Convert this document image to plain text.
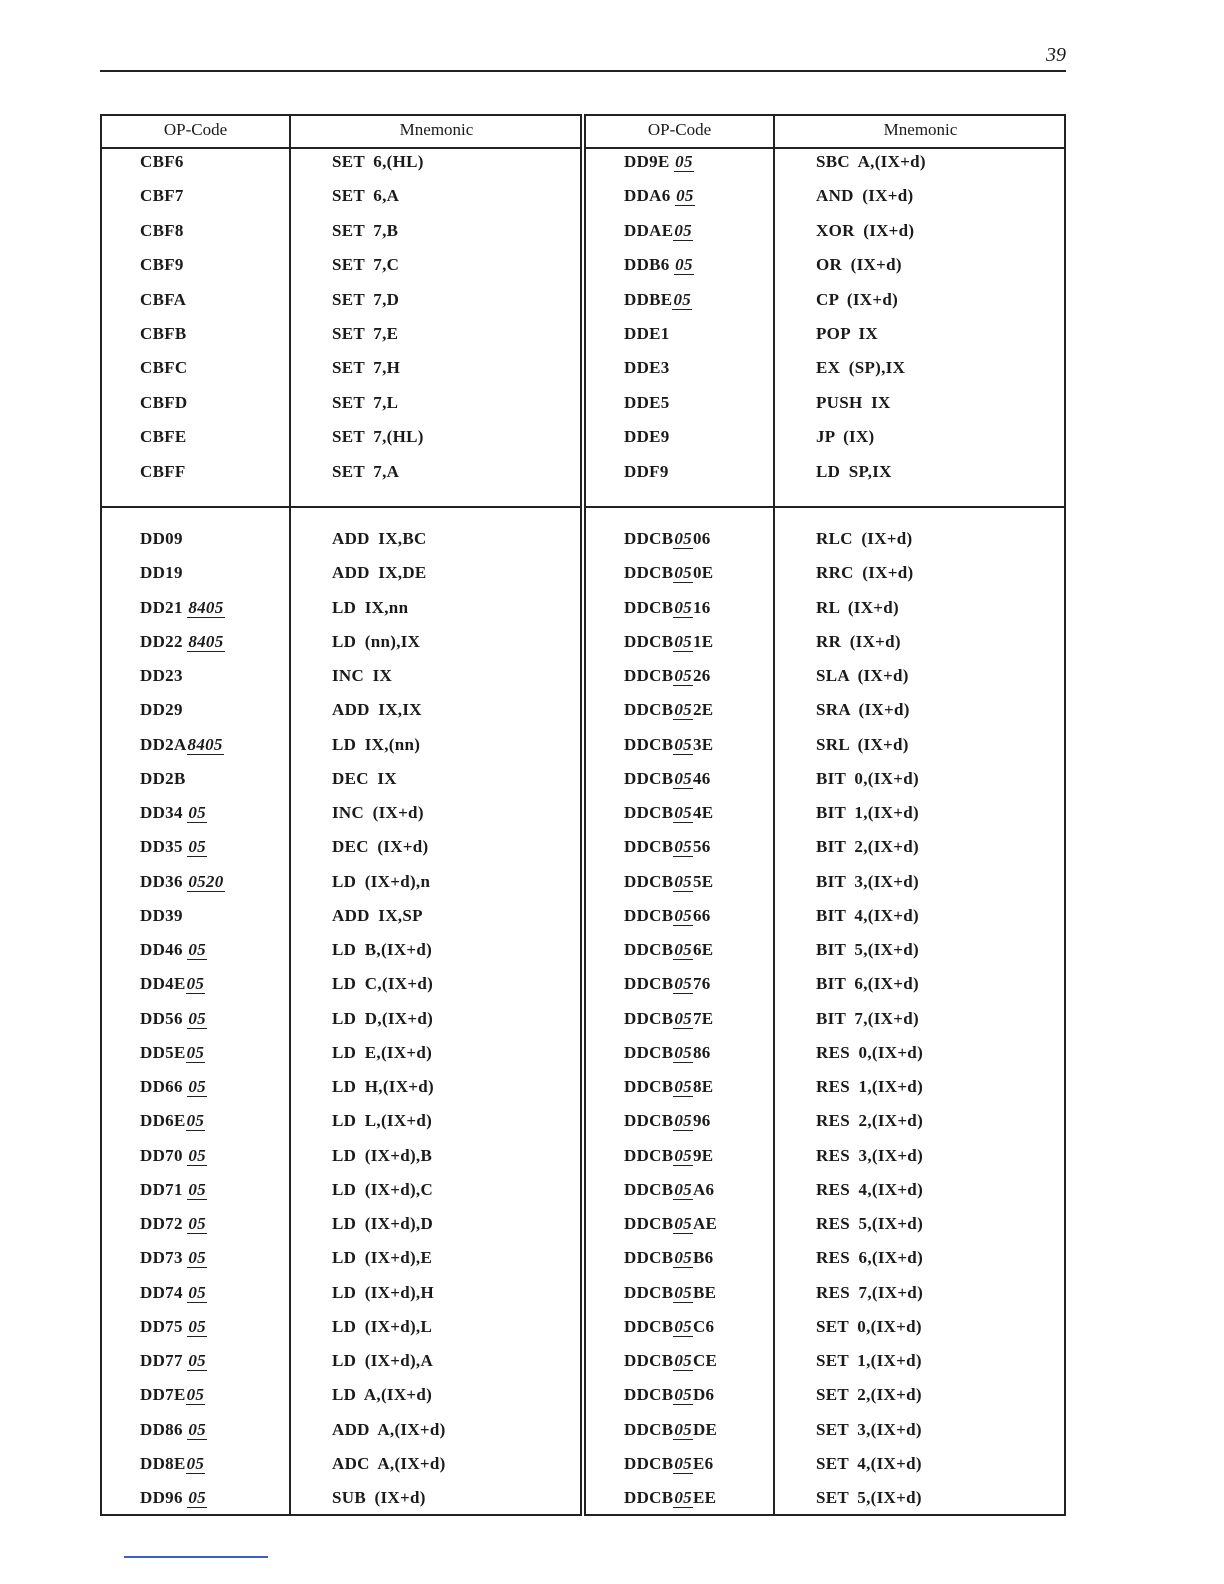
39
OP-Code	Mnemonic
CBF6	SET 6,(HL)
CBF7	SET 6,A
CBF8	SET 7,B
CBF9	SET 7,C
CBFA	SET 7,D
CBFB	SET 7,E
CBFC	SET 7,H
CBFD	SET 7,L
CBFE	SET 7,(HL)
CBFF	SET 7,A
DD09	ADD IX,BC
DD19	ADD IX,DE
DD21 8405	LD IX,nn
DD22 8405	LD (nn),IX
DD23	INC IX
DD29	ADD IX,IX
DD2A8405	LD IX,(nn)
DD2B	DEC IX
DD34 05	INC (IX+d)
DD35 05	DEC (IX+d)
DD36 0520	LD (IX+d),n
DD39	ADD IX,SP
DD46 05	LD B,(IX+d)
DD4E05	LD C,(IX+d)
DD56 05	LD D,(IX+d)
DD5E05	LD E,(IX+d)
DD66 05	LD H,(IX+d)
DD6E05	LD L,(IX+d)
DD70 05	LD (IX+d),B
DD71 05	LD (IX+d),C
DD72 05	LD (IX+d),D
DD73 05	LD (IX+d),E
DD74 05	LD (IX+d),H
DD75 05	LD (IX+d),L
DD77 05	LD (IX+d),A
DD7E05	LD A,(IX+d)
DD86 05	ADD A,(IX+d)
DD8E05	ADC A,(IX+d)
DD96 05	SUB (IX+d)
OP-Code	Mnemonic
DD9E 05	SBC A,(IX+d)
DDA6 05	AND (IX+d)
DDAE05	XOR (IX+d)
DDB6 05	OR (IX+d)
DDBE05	CP (IX+d)
DDE1	POP IX
DDE3	EX (SP),IX
DDE5	PUSH IX
DDE9	JP (IX)
DDF9	LD SP,IX
DDCB0506	RLC (IX+d)
DDCB050E	RRC (IX+d)
DDCB0516	RL (IX+d)
DDCB051E	RR (IX+d)
DDCB0526	SLA (IX+d)
DDCB052E	SRA (IX+d)
DDCB053E	SRL (IX+d)
DDCB0546	BIT 0,(IX+d)
DDCB054E	BIT 1,(IX+d)
DDCB0556	BIT 2,(IX+d)
DDCB055E	BIT 3,(IX+d)
DDCB0566	BIT 4,(IX+d)
DDCB056E	BIT 5,(IX+d)
DDCB0576	BIT 6,(IX+d)
DDCB057E	BIT 7,(IX+d)
DDCB0586	RES 0,(IX+d)
DDCB058E	RES 1,(IX+d)
DDCB0596	RES 2,(IX+d)
DDCB059E	RES 3,(IX+d)
DDCB05A6	RES 4,(IX+d)
DDCB05AE	RES 5,(IX+d)
DDCB05B6	RES 6,(IX+d)
DDCB05BE	RES 7,(IX+d)
DDCB05C6	SET 0,(IX+d)
DDCB05CE	SET 1,(IX+d)
DDCB05D6	SET 2,(IX+d)
DDCB05DE	SET 3,(IX+d)
DDCB05E6	SET 4,(IX+d)
DDCB05EE	SET 5,(IX+d)
